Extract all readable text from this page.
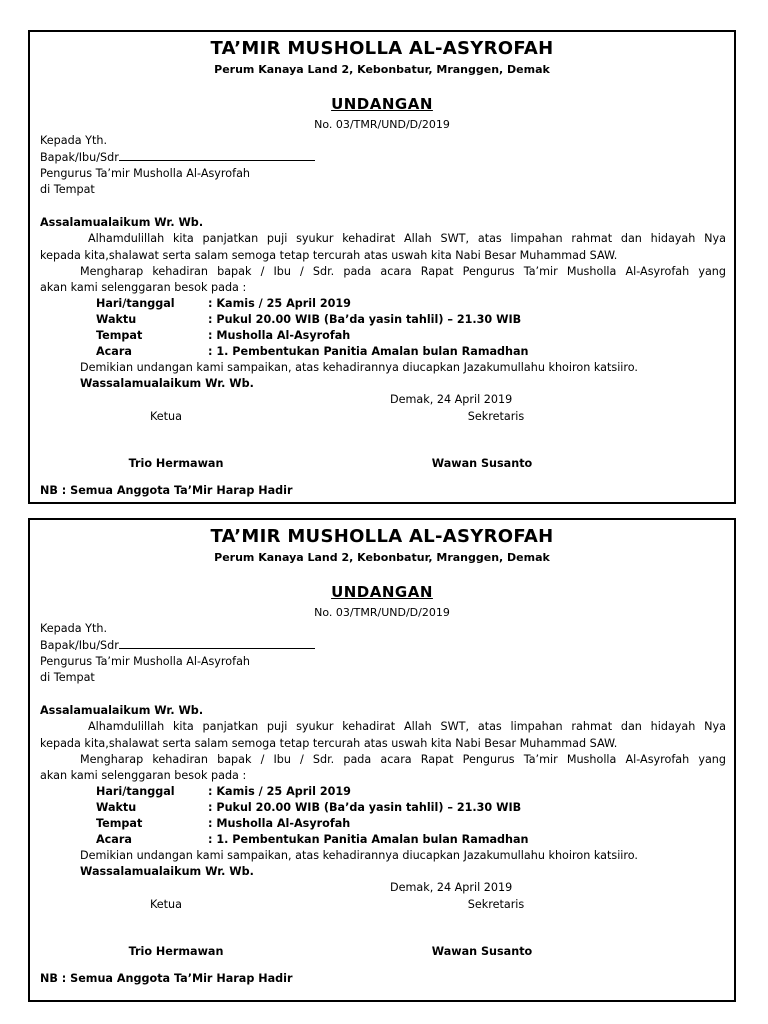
TA’MIR MUSHOLLA AL-ASYROFAH
Perum Kanaya Land 2, Kebonbatur, Mranggen, Demak
UNDANGAN
No. 03/TMR/UND/D/2019
Kepada Yth.
Bapak/Ibu/Sdr
Pengurus Ta’mir Musholla Al-Asyrofah
di Tempat
Assalamualaikum Wr. Wb.
Alhamdulillah kita panjatkan puji syukur kehadirat Allah SWT, atas limpahan rahmat dan hidayah Nya
kepada kita,shalawat serta salam semoga tetap tercurah atas uswah kita Nabi Besar Muhammad SAW.
Mengharap kehadiran bapak / Ibu / Sdr. pada acara Rapat Pengurus Ta’mir Musholla Al-Asyrofah yang
akan kami selenggaran besok pada :
Hari/tanggal	: Kamis / 25 April 2019
Waktu	: Pukul 20.00 WIB (Ba’da yasin tahlil) – 21.30 WIB
Tempat	: Musholla Al-Asyrofah
Acara	: 1. Pembentukan Panitia Amalan bulan Ramadhan
Demikian undangan kami sampaikan, atas kehadirannya diucapkan Jazakumullahu khoiron katsiiro.
Wassalamualaikum Wr. Wb.
Demak, 24 April 2019
Ketua	Sekretaris
Trio Hermawan	Wawan Susanto
NB : Semua Anggota Ta’Mir Harap Hadir
TA’MIR MUSHOLLA AL-ASYROFAH
Perum Kanaya Land 2, Kebonbatur, Mranggen, Demak
UNDANGAN
No. 03/TMR/UND/D/2019
Kepada Yth.
Bapak/Ibu/Sdr
Pengurus Ta’mir Musholla Al-Asyrofah
di Tempat
Assalamualaikum Wr. Wb.
Alhamdulillah kita panjatkan puji syukur kehadirat Allah SWT, atas limpahan rahmat dan hidayah Nya
kepada kita,shalawat serta salam semoga tetap tercurah atas uswah kita Nabi Besar Muhammad SAW.
Mengharap kehadiran bapak / Ibu / Sdr. pada acara Rapat Pengurus Ta’mir Musholla Al-Asyrofah yang
akan kami selenggaran besok pada :
Hari/tanggal	: Kamis / 25 April 2019
Waktu	: Pukul 20.00 WIB (Ba’da yasin tahlil) – 21.30 WIB
Tempat	: Musholla Al-Asyrofah
Acara	: 1. Pembentukan Panitia Amalan bulan Ramadhan
Demikian undangan kami sampaikan, atas kehadirannya diucapkan Jazakumullahu khoiron katsiiro.
Wassalamualaikum Wr. Wb.
Demak, 24 April 2019
Ketua	Sekretaris
Trio Hermawan	Wawan Susanto
NB : Semua Anggota Ta’Mir Harap Hadir
